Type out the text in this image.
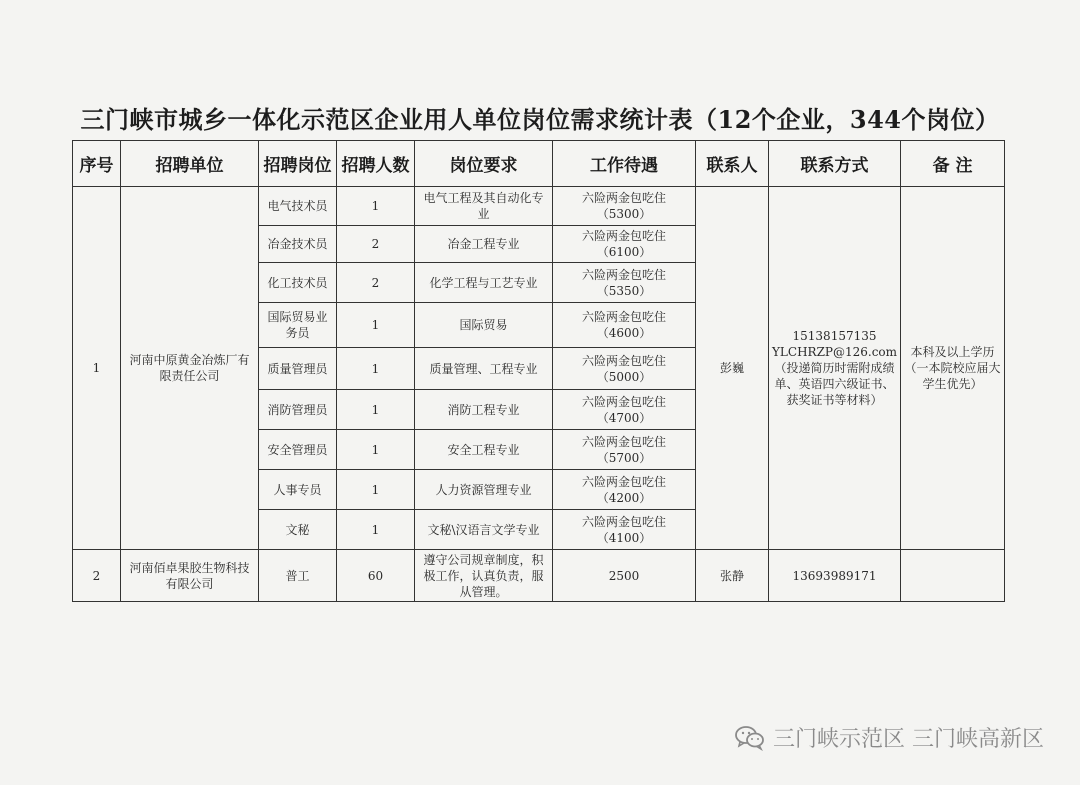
三门峡市城乡一体化示范区企业用人单位岗位需求统计表（12个企业，344个岗位）
序号	招聘单位	招聘岗位	招聘人数	岗位要求	工作待遇	联系人	联系方式	备 注
1	河南中原黄金冶炼厂有限责任公司	电气技术员	1	电气工程及其自动化专业	六险两金包吃住
（5300）	彭巍	15138157135
YLCHRZP@126.com
（投递简历时需附成绩单、英语四六级证书、获奖证书等材料）	本科及以上学历（一本院校应届大学生优先）
		冶金技术员	2	冶金工程专业	六险两金包吃住
（6100）			
		化工技术员	2	化学工程与工艺专业	六险两金包吃住
（5350）			
		国际贸易业务员	1	国际贸易	六险两金包吃住
（4600）			
		质量管理员	1	质量管理、工程专业	六险两金包吃住
（5000）			
		消防管理员	1	消防工程专业	六险两金包吃住
（4700）			
		安全管理员	1	安全工程专业	六险两金包吃住
（5700）			
		人事专员	1	人力资源管理专业	六险两金包吃住
（4200）			
		文秘	1	文秘\汉语言文学专业	六险两金包吃住
（4100）			
2	河南佰卓果胶生物科技有限公司	普工	60	遵守公司规章制度，积极工作，认真负责，服从管理。	2500	张静	13693989171	
三门峡示范区 三门峡高新区
